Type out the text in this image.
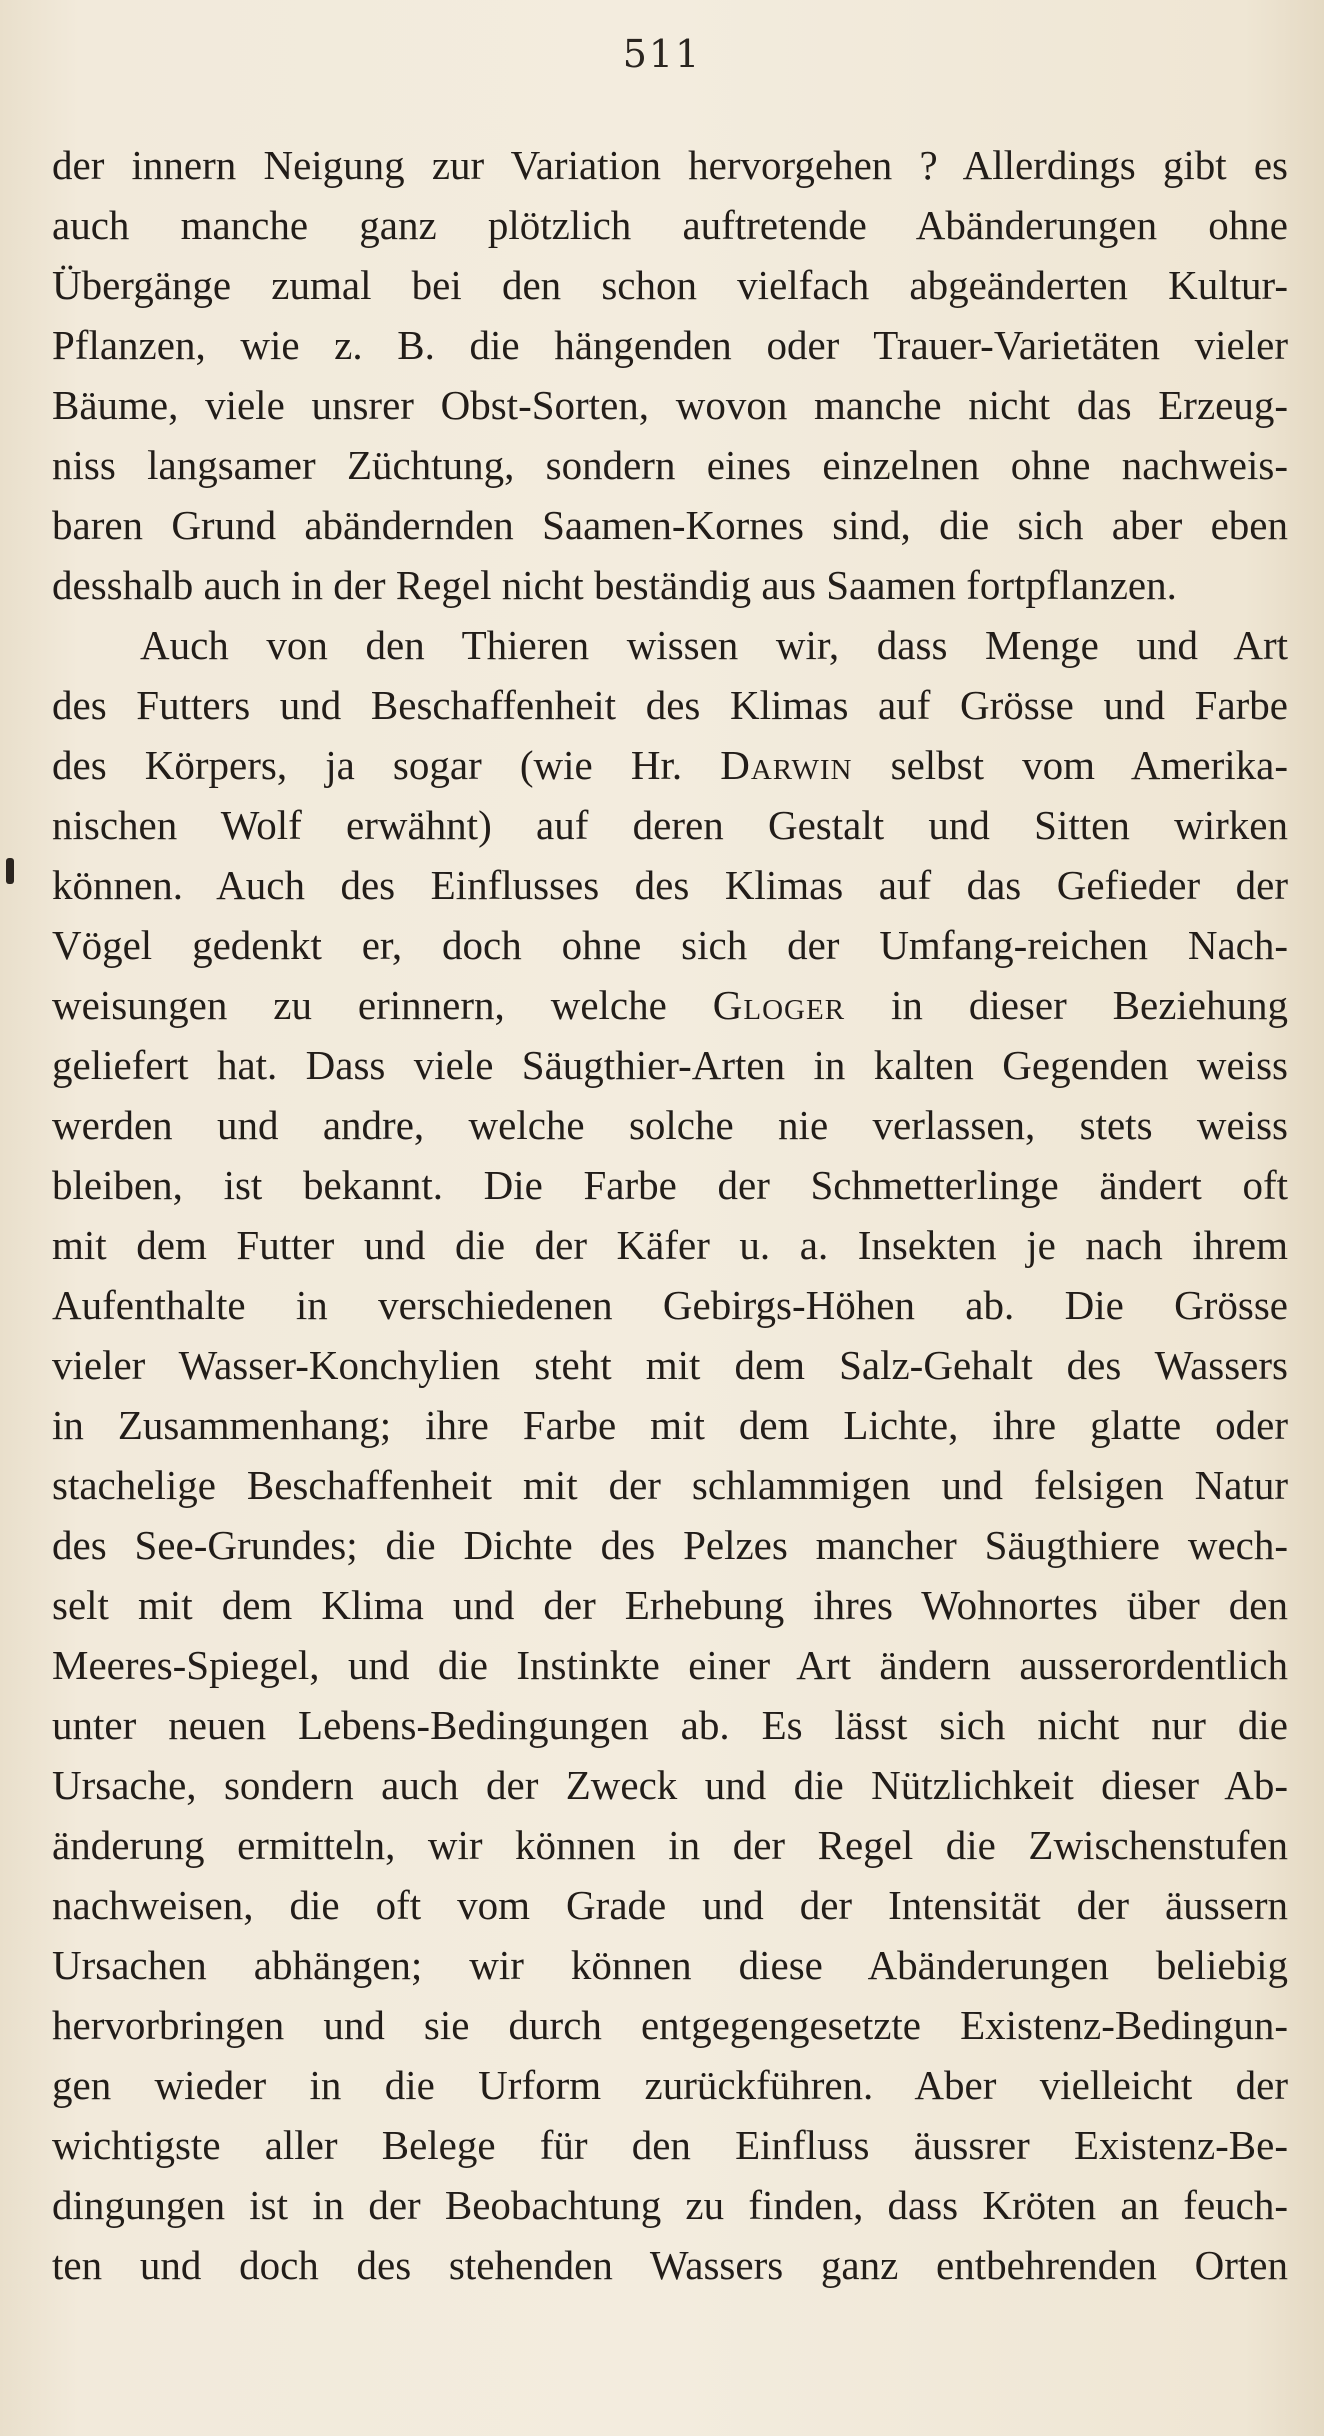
511
der innern Neigung zur Variation hervorgehen ? Allerdings gibt es
auch manche ganz plötzlich auftretende Abänderungen ohne
Übergänge zumal bei den schon vielfach abgeänderten Kultur-
Pflanzen, wie z. B. die hängenden oder Trauer-Varietäten vieler
Bäume, viele unsrer Obst-Sorten, wovon manche nicht das Erzeug-
niss langsamer Züchtung, sondern eines einzelnen ohne nachweis-
baren Grund abändernden Saamen-Kornes sind, die sich aber eben
desshalb auch in der Regel nicht beständig aus Saamen fortpflanzen.
Auch von den Thieren wissen wir, dass Menge und Art
des Futters und Beschaffenheit des Klimas auf Grösse und Farbe
des Körpers, ja sogar (wie Hr. Darwin selbst vom Amerika-
nischen Wolf erwähnt) auf deren Gestalt und Sitten wirken
können. Auch des Einflusses des Klimas auf das Gefieder der
Vögel gedenkt er, doch ohne sich der Umfang-reichen Nach-
weisungen zu erinnern, welche Gloger in dieser Beziehung
geliefert hat. Dass viele Säugthier-Arten in kalten Gegenden weiss
werden und andre, welche solche nie verlassen, stets weiss
bleiben, ist bekannt. Die Farbe der Schmetterlinge ändert oft
mit dem Futter und die der Käfer u. a. Insekten je nach ihrem
Aufenthalte in verschiedenen Gebirgs-Höhen ab. Die Grösse
vieler Wasser-Konchylien steht mit dem Salz-Gehalt des Wassers
in Zusammenhang; ihre Farbe mit dem Lichte, ihre glatte oder
stachelige Beschaffenheit mit der schlammigen und felsigen Natur
des See-Grundes; die Dichte des Pelzes mancher Säugthiere wech-
selt mit dem Klima und der Erhebung ihres Wohnortes über den
Meeres-Spiegel, und die Instinkte einer Art ändern ausserordentlich
unter neuen Lebens-Bedingungen ab. Es lässt sich nicht nur die
Ursache, sondern auch der Zweck und die Nützlichkeit dieser Ab-
änderung ermitteln, wir können in der Regel die Zwischenstufen
nachweisen, die oft vom Grade und der Intensität der äussern
Ursachen abhängen; wir können diese Abänderungen beliebig
hervorbringen und sie durch entgegengesetzte Existenz-Bedingun-
gen wieder in die Urform zurückführen. Aber vielleicht der
wichtigste aller Belege für den Einfluss äussrer Existenz-Be-
dingungen ist in der Beobachtung zu finden, dass Kröten an feuch-
ten und doch des stehenden Wassers ganz entbehrenden Orten
